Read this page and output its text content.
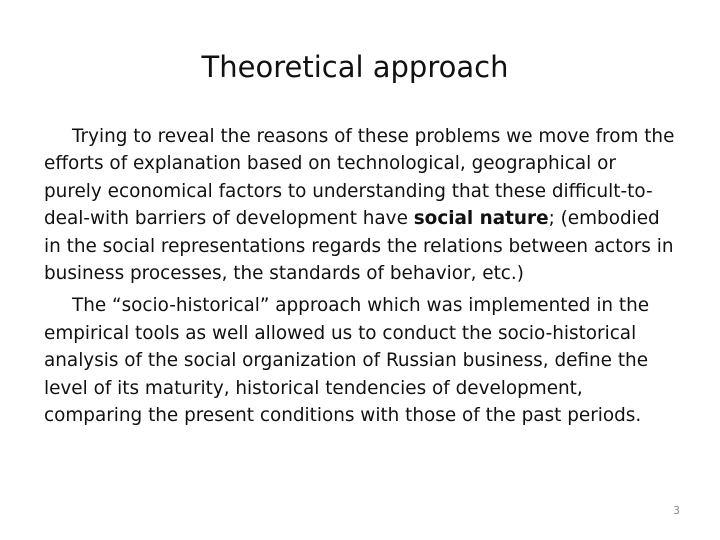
Theoretical approach

Trying to reveal the reasons of these problems we move from the efforts of explanation based on technological, geographical or purely economical factors to understanding that these difficult-to-deal-with barriers of development have social nature; (embodied in the social representations regards the relations between actors in business processes, the standards of behavior, etc.)

The “socio-historical” approach which was implemented in the empirical tools as well allowed us to conduct the socio-historical analysis of the social organization of Russian business, define the level of its maturity, historical tendencies of development, comparing the present conditions with those of the past periods.

3
